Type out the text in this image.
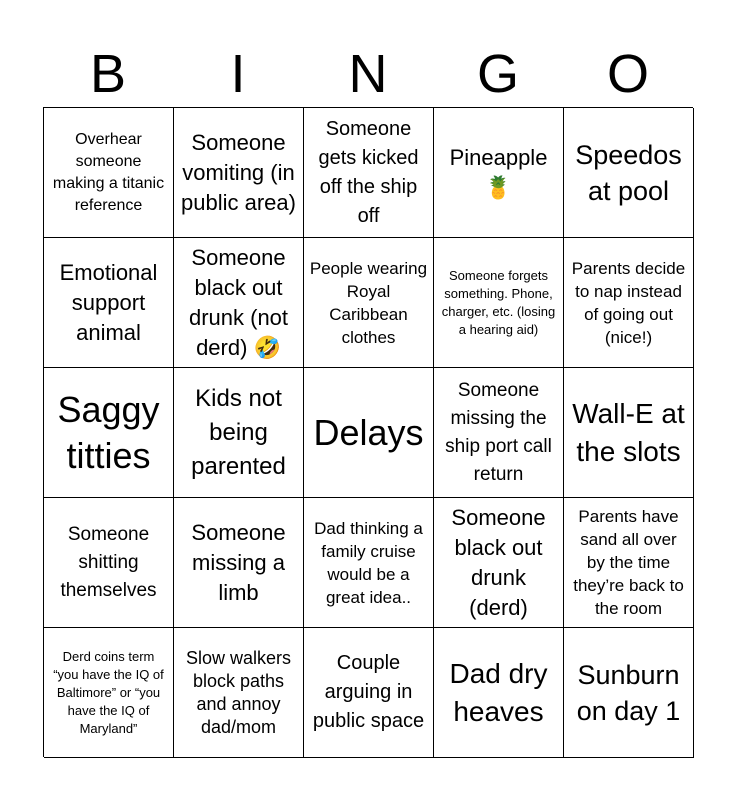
B	I	N	G	O
Overhear someone making a titanic reference
Someone vomiting (in public area)
Someone gets kicked off the ship off
Pineapple 🍍
Speedos at pool
Emotional support animal
Someone black out drunk (not derd) 🤣
People wearing Royal Caribbean clothes
Someone forgets something. Phone, charger, etc. (losing a hearing aid)
Parents decide to nap instead of going out (nice!)
Saggy titties
Kids not being parented
Delays
Someone missing the ship port call return
Wall-E at the slots
Someone shitting themselves
Someone missing a limb
Dad thinking a family cruise would be a great idea..
Someone black out drunk (derd)
Parents have sand all over by the time they’re back to the room
Derd coins term “you have the IQ of Baltimore” or “you have the IQ of Maryland”
Slow walkers block paths and annoy dad/mom
Couple arguing in public space
Dad dry heaves
Sunburn on day 1
